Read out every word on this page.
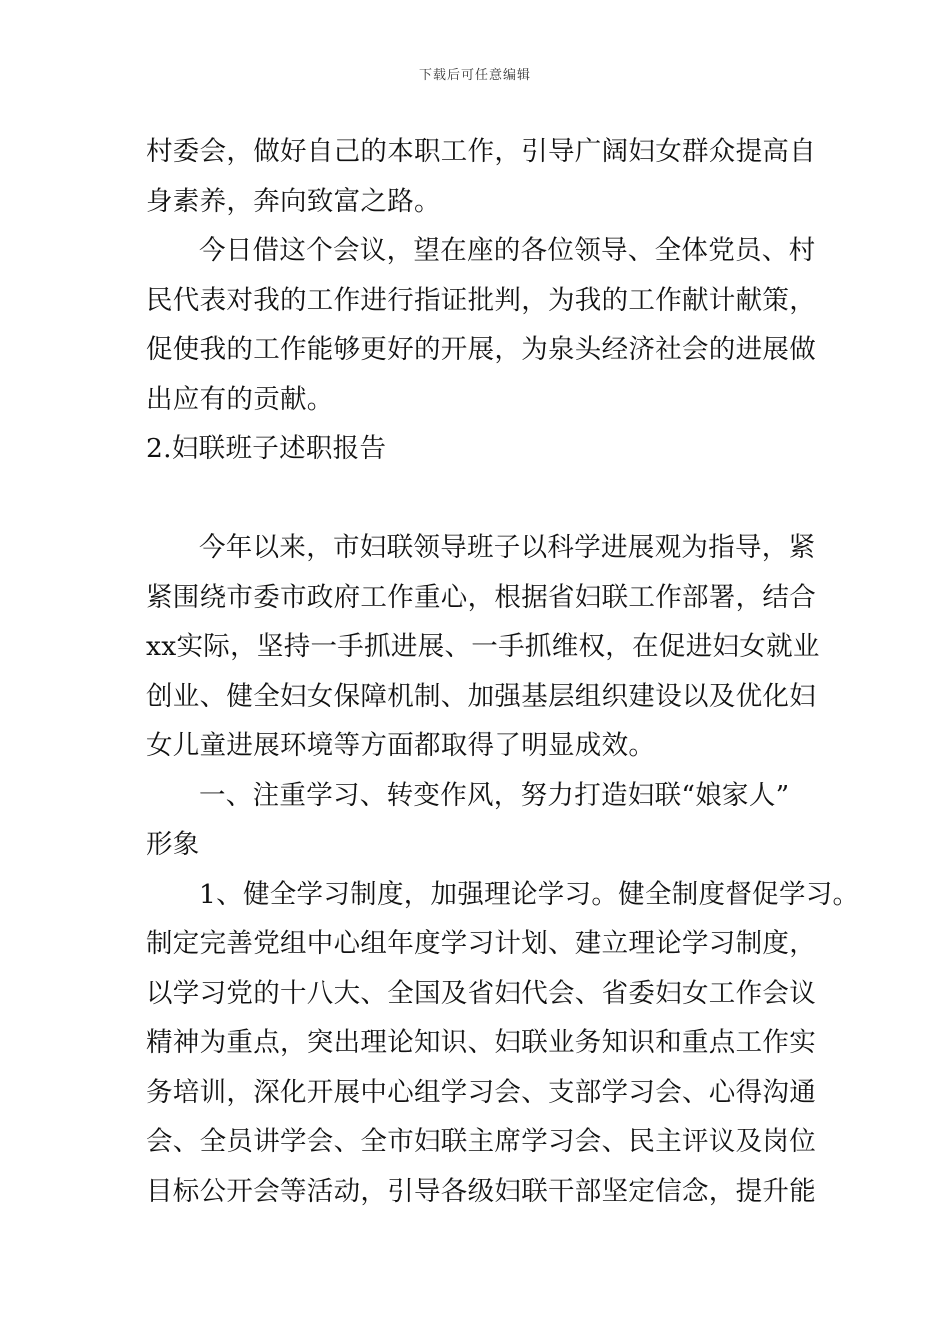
下载后可任意编辑
村委会，做好自己的本职工作，引导广阔妇女群众提高自
身素养，奔向致富之路。
今日借这个会议，望在座的各位领导、全体党员、村
民代表对我的工作进行指证批判，为我的工作献计献策，
促使我的工作能够更好的开展，为泉头经济社会的进展做
出应有的贡献。
2.妇联班子述职报告
今年以来，市妇联领导班子以科学进展观为指导，紧
紧围绕市委市政府工作重心，根据省妇联工作部署，结合
xx实际，坚持一手抓进展、一手抓维权，在促进妇女就业
创业、健全妇女保障机制、加强基层组织建设以及优化妇
女儿童进展环境等方面都取得了明显成效。
一、注重学习、转变作风，努力打造妇联“娘家人”
形象
1、健全学习制度，加强理论学习。健全制度督促学习。
制定完善党组中心组年度学习计划、建立理论学习制度，
以学习党的十八大、全国及省妇代会、省委妇女工作会议
精神为重点，突出理论知识、妇联业务知识和重点工作实
务培训，深化开展中心组学习会、支部学习会、心得沟通
会、全员讲学会、全市妇联主席学习会、民主评议及岗位
目标公开会等活动，引导各级妇联干部坚定信念，提升能
